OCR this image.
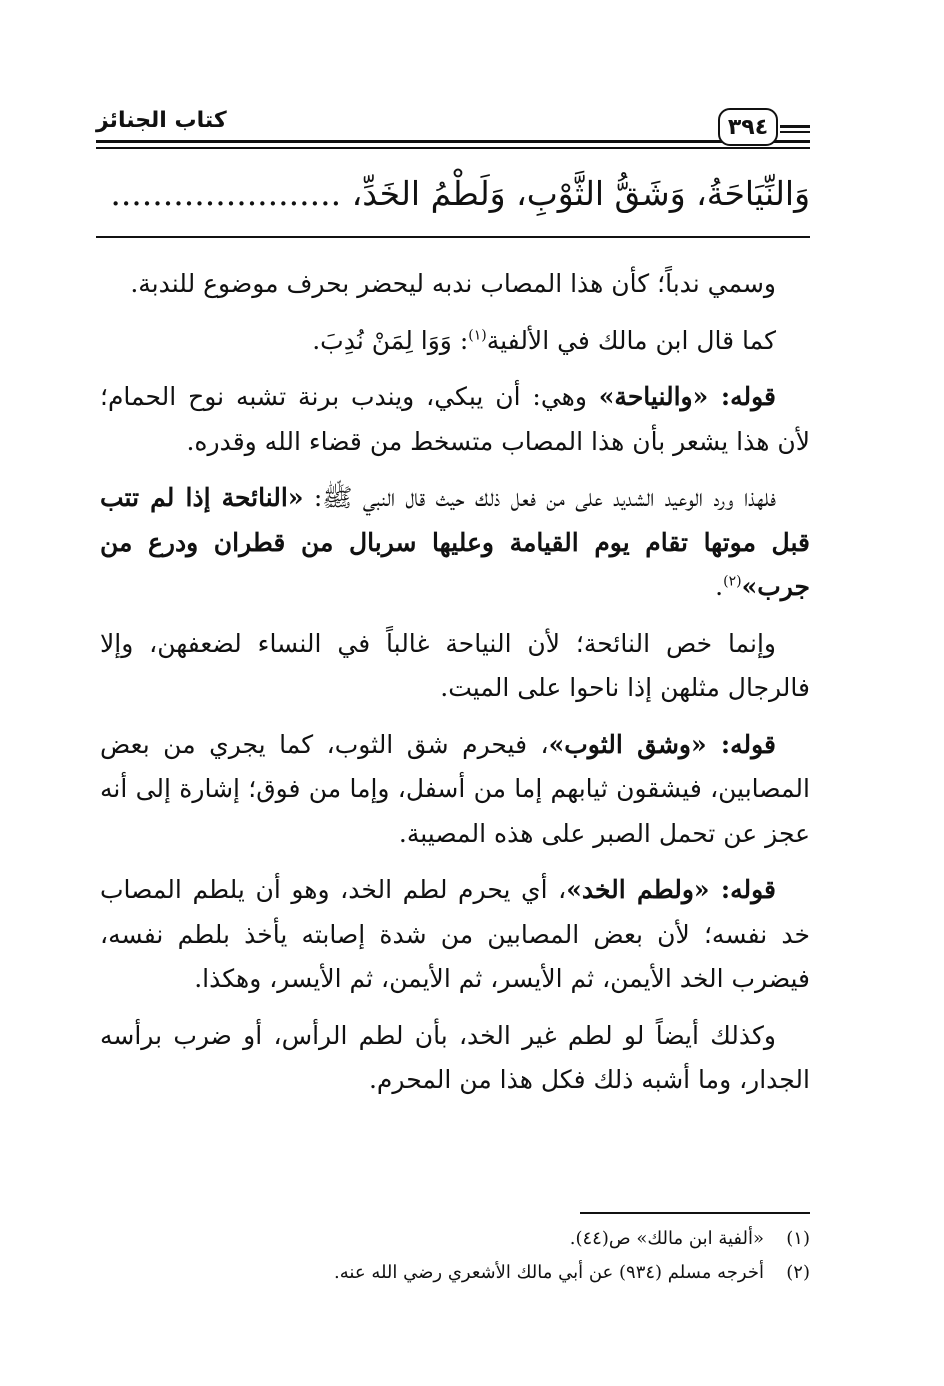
كتاب الجنائز	٣٩٤
وَالنِّيَاحَةُ، وَشَقُّ الثَّوْبِ، وَلَطْمُ الخَدِّ، ......................

وسمي ندباً؛ كأن هذا المصاب ندبه ليحضر بحرف موضوع للندبة.

كما قال ابن مالك في الألفية$^{(١)}$: وَوَا لِمَنْ نُدِبَ.

قوله: «والنياحة» وهي: أن يبكي، ويندب برنة تشبه نوح الحمام؛ لأن هذا يشعر بأن هذا المصاب متسخط من قضاء الله وقدره.

فلهذا ورد الوعيد الشديد على من فعل ذلك حيث قال النبي ﷺ: «النائحة إذا لم تتب قبل موتها تقام يوم القيامة وعليها سربال من قطران ودرع من جرب»$^{(٢)}$.

وإنما خص النائحة؛ لأن النياحة غالباً في النساء لضعفهن، وإلا فالرجال مثلهن إذا ناحوا على الميت.

قوله: «وشق الثوب»، فيحرم شق الثوب، كما يجري من بعض المصابين، فيشقون ثيابهم إما من أسفل، وإما من فوق؛ إشارة إلى أنه عجز عن تحمل الصبر على هذه المصيبة.

قوله: «ولطم الخد»، أي يحرم لطم الخد، وهو أن يلطم المصاب خد نفسه؛ لأن بعض المصابين من شدة إصابته يأخذ بلطم نفسه، فيضرب الخد الأيمن، ثم الأيسر، ثم الأيمن، ثم الأيسر، وهكذا.

وكذلك أيضاً لو لطم غير الخد، بأن لطم الرأس، أو ضرب برأسه الجدار، وما أشبه ذلك فكل هذا من المحرم.

(١)
«ألفية ابن مالك» ص(٤٤).
(٢)
أخرجه مسلم (٩٣٤) عن أبي مالك الأشعري رضي الله عنه.
